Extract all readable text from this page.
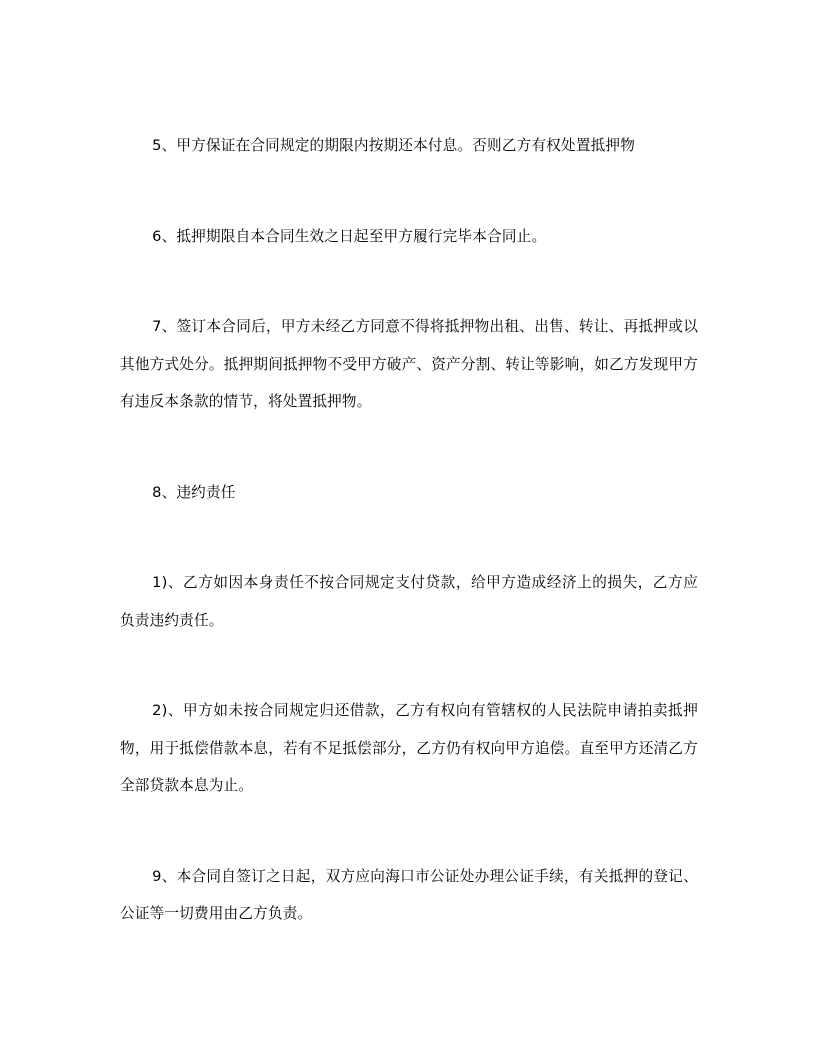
5、甲方保证在合同规定的期限内按期还本付息。否则乙方有权处置抵押物

6、抵押期限自本合同生效之日起至甲方履行完毕本合同止。

7、签订本合同后，甲方未经乙方同意不得将抵押物出租、出售、转让、再抵押或以其他方式处分。抵押期间抵押物不受甲方破产、资产分割、转让等影响，如乙方发现甲方有违反本条款的情节，将处置抵押物。

8、违约责任

1)、乙方如因本身责任不按合同规定支付贷款，给甲方造成经济上的损失，乙方应负责违约责任。

2)、甲方如未按合同规定归还借款，乙方有权向有管辖权的人民法院申请拍卖抵押物，用于抵偿借款本息，若有不足抵偿部分，乙方仍有权向甲方追偿。直至甲方还清乙方全部贷款本息为止。

9、本合同自签订之日起，双方应向海口市公证处办理公证手续，有关抵押的登记、公证等一切费用由乙方负责。
